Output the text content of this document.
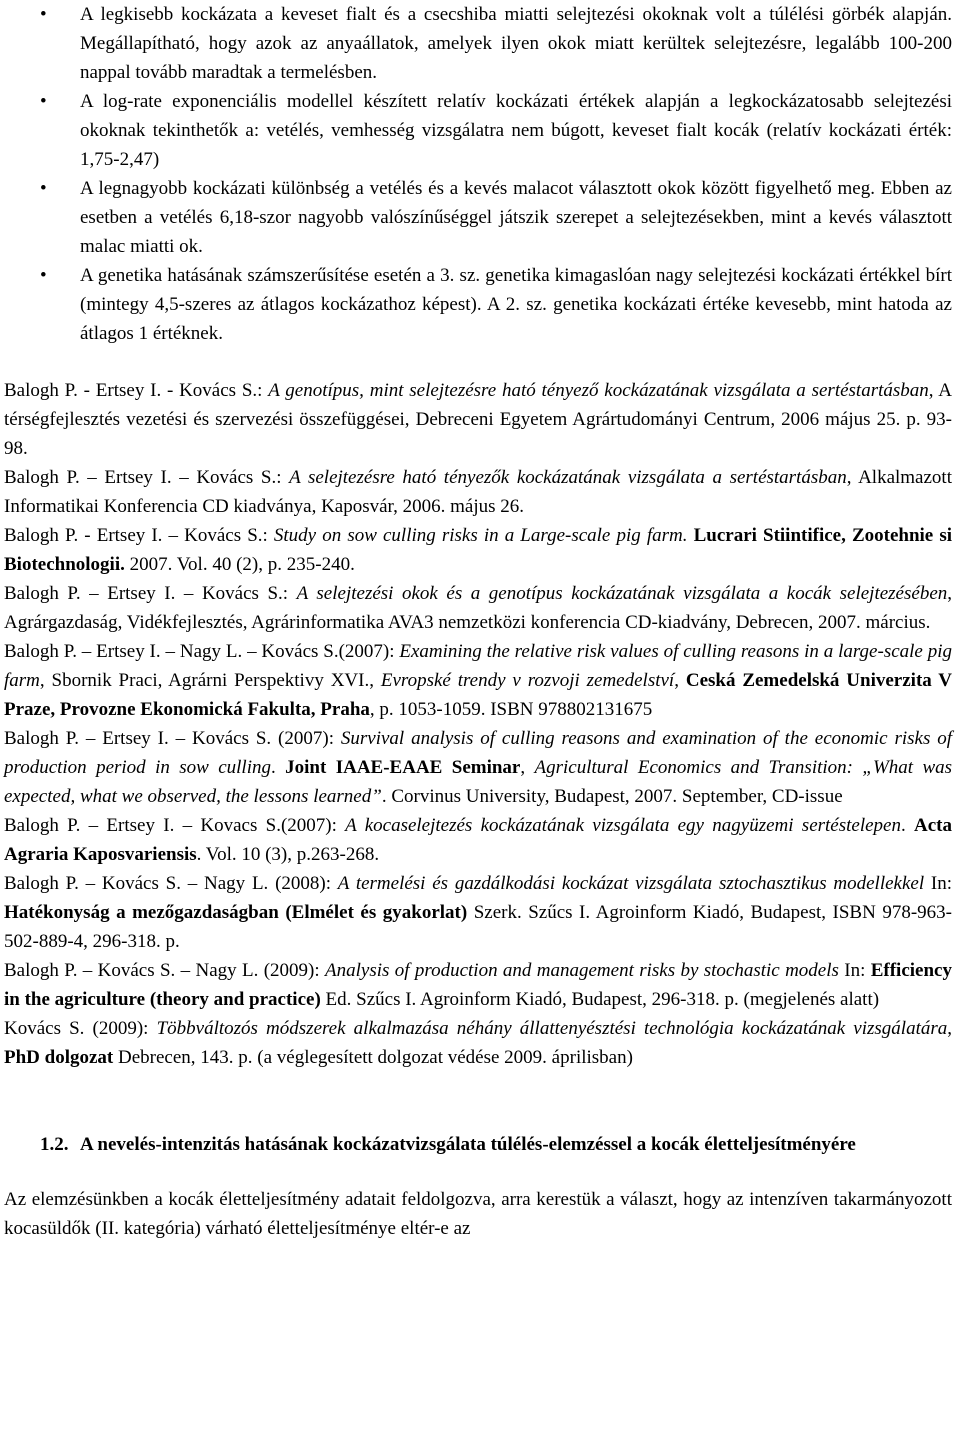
• A legkisebb kockázata a keveset fialt és a csecshiba miatti selejtezési okoknak volt a túlélési görbék alapján. Megállapítható, hogy azok az anyaállatok, amelyek ilyen okok miatt kerültek selejtezésre, legalább 100-200 nappal tovább maradtak a termelésben.
• A log-rate exponenciális modellel készített relatív kockázati értékek alapján a legkockázatosabb selejtezési okoknak tekinthetők a: vetélés, vemhesség vizsgálatra nem búgott, keveset fialt kocák (relatív kockázati érték: 1,75-2,47)
• A legnagyobb kockázati különbség a vetélés és a kevés malacot választott okok között figyelhető meg. Ebben az esetben a vetélés 6,18-szor nagyobb valószínűséggel játszik szerepet a selejtezésekben, mint a kevés választott malac miatti ok.
• A genetika hatásának számszerűsítése esetén a 3. sz. genetika kimagaslóan nagy selejtezési kockázati értékkel bírt (mintegy 4,5-szeres az átlagos kockázathoz képest). A 2. sz. genetika kockázati értéke kevesebb, mint hatoda az átlagos 1 értéknek.
Balogh P. - Ertsey I. - Kovács S.: A genotípus, mint selejtezésre ható tényező kockázatának vizsgálata a sertéstartásban, A térségfejlesztés vezetési és szervezési összefüggései, Debreceni Egyetem Agrártudományi Centrum, 2006 május 25. p. 93-98.
Balogh P. – Ertsey I. – Kovács S.: A selejtezésre ható tényezők kockázatának vizsgálata a sertéstartásban, Alkalmazott Informatikai Konferencia CD kiadványa, Kaposvár, 2006. május 26.
Balogh P. - Ertsey I. – Kovács S.: Study on sow culling risks in a Large-scale pig farm. Lucrari Stiintifice, Zootehnie si Biotechnologii. 2007. Vol. 40 (2), p. 235-240.
Balogh P. – Ertsey I. – Kovács S.: A selejtezési okok és a genotípus kockázatának vizsgálata a kocák selejtezésében, Agrárgazdaság, Vidékfejlesztés, Agrárinformatika AVA3 nemzetközi konferencia CD-kiadvány, Debrecen, 2007. március.
Balogh P. – Ertsey I. – Nagy L. – Kovács S.(2007): Examining the relative risk values of culling reasons in a large-scale pig farm, Sbornik Praci, Agrárni Perspektivy XVI., Evropské trendy v rozvoji zemedelství, Ceská Zemedelská Univerzita V Praze, Provozne Ekonomická Fakulta, Praha, p. 1053-1059. ISBN 978802131675
Balogh P. – Ertsey I. – Kovács S. (2007): Survival analysis of culling reasons and examination of the economic risks of production period in sow culling. Joint IAAE-EAAE Seminar, Agricultural Economics and Transition: „What was expected, what we observed, the lessons learned”. Corvinus University, Budapest, 2007. September, CD-issue
Balogh P. – Ertsey I. – Kovacs S.(2007): A kocaselejtezés kockázatának vizsgálata egy nagyüzemi sertéstelepen. Acta Agraria Kaposvariensis. Vol. 10 (3), p.263-268.
Balogh P. – Kovács S. – Nagy L. (2008): A termelési és gazdálkodási kockázat vizsgálata sztochasztikus modellekkel In: Hatékonyság a mezőgazdaságban (Elmélet és gyakorlat) Szerk. Szűcs I. Agroinform Kiadó, Budapest, ISBN 978-963-502-889-4, 296-318. p.
Balogh P. – Kovács S. – Nagy L. (2009): Analysis of production and management risks by stochastic models In: Efficiency in the agriculture (theory and practice) Ed. Szűcs I. Agroinform Kiadó, Budapest, 296-318. p. (megjelenés alatt)
Kovács S. (2009): Többváltozós módszerek alkalmazása néhány állattenyésztési technológia kockázatának vizsgálatára, PhD dolgozat Debrecen, 143. p. (a véglegesített dolgozat védése 2009. áprilisban)
1.2. A nevelés-intenzitás hatásának kockázatvizsgálata túlélés-elemzéssel a kocák életteljesítményére
Az elemzésünkben a kocák életteljesítmény adatait feldolgozva, arra kerestük a választ, hogy az intenzíven takarmányozott kocasüldők (II. kategória) várható életteljesítménye eltér-e az
